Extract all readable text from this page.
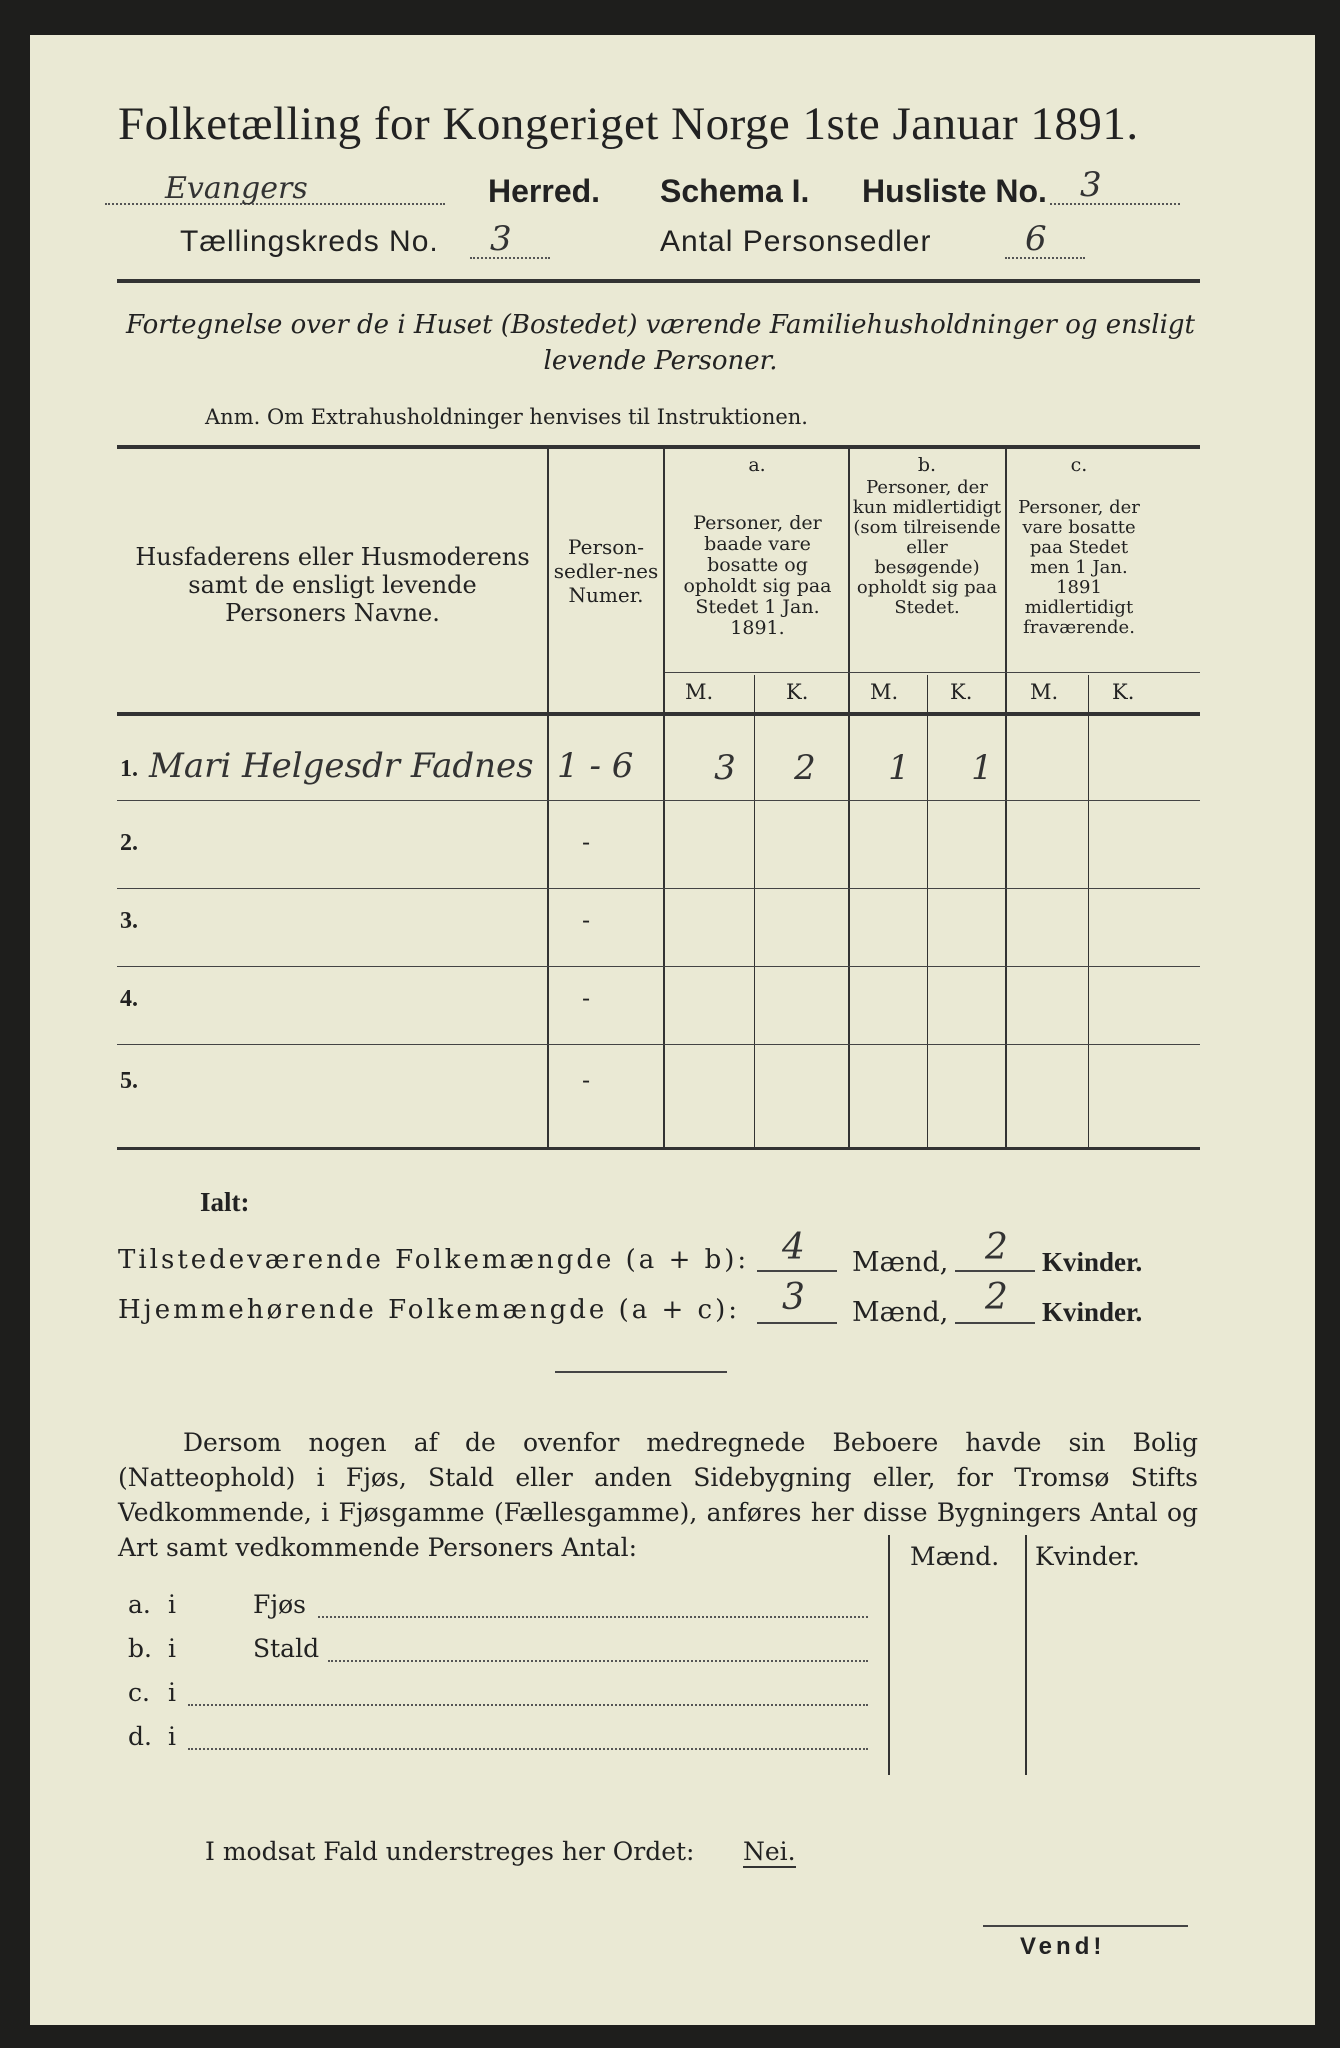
Folketælling for Kongeriget Norge 1ste Januar 1891.
Evangers	Herred. Schema I. Husliste No. 3
Tællingskreds No. 3	Antal Personsedler	6
Fortegnelse over de i Huset (Bostedet) værende Familiehusholdninger og ensligt
levende Personer.
Anm. Om Extrahusholdninger henvises til Instruktionen.
Husfaderens eller Husmoderens samt de ensligt levende Personers Navne.
Person-sedler-nes Numer.
a.
Personer, der baade vare bosatte og opholdt sig paa Stedet 1 Jan. 1891.
b.
Personer, der kun midlertidigt (som tilreisende eller besøgende) opholdt sig paa Stedet.
c.
Personer, der vare bosatte paa Stedet men 1 Jan. 1891 midlertidigt fraværende.
M.	K.	M. K.	M.	K.
1. Mari Helgesdr Fadnes 1 - 6	3	2	1	1
2.	-
3.	-
4.	-
5.	-
Ialt:
Tilstedeværende Folkemængde (a + b): 4 Mænd, 2 Kvinder.
Hjemmehørende Folkemængde (a + c): 3 Mænd, 2 Kvinder.
Dersom nogen af de ovenfor medregnede Beboere havde sin Bolig (Natteophold) i Fjøs, Stald eller anden Sidebygning eller, for Tromsø Stifts Vedkommende, i Fjøsgamme (Fællesgamme), anføres her disse Bygningers Antal og Art samt vedkommende Personers Antal:	Mænd. Kvinder.
a. i	Fjøs
b. i	Stald
c. i
d. i
I modsat Fald understreges her Ordet: Nei.
Vend!
